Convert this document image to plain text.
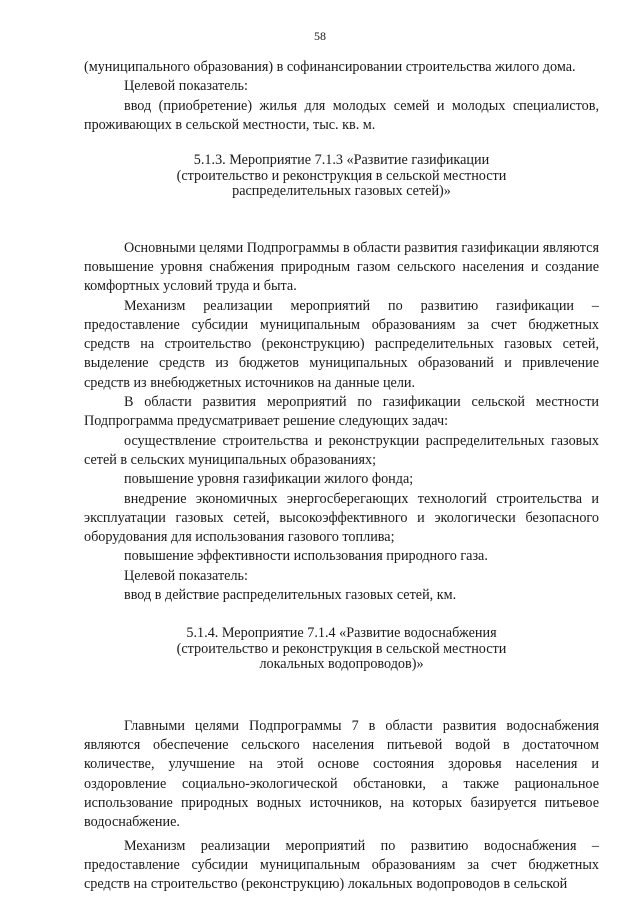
58

(муниципального образования) в софинансировании строительства жилого дома.

Целевой показатель:

ввод (приобретение) жилья для молодых семей и молодых специалистов, проживающих в сельской местности, тыс. кв. м.

5.1.3. Мероприятие 7.1.3 «Развитие газификации
(строительство и реконструкция в сельской местности
распределительных газовых сетей)»

Основными целями Подпрограммы в области развития газификации являются повышение уровня снабжения природным газом сельского населения и создание комфортных условий труда и быта.

Механизм реализации мероприятий по развитию газификации – предоставление субсидии муниципальным образованиям за счет бюджетных средств на строительство (реконструкцию) распределительных газовых сетей, выделение средств из бюджетов муниципальных образований и привлечение средств из внебюджетных источников на данные цели.

В области развития мероприятий по газификации сельской местности Подпрограмма предусматривает решение следующих задач:

осуществление строительства и реконструкции распределительных газовых сетей в сельских муниципальных образованиях;

повышение уровня газификации жилого фонда;

внедрение экономичных энергосберегающих технологий строительства и эксплуатации газовых сетей, высокоэффективного и экологически безопасного оборудования для использования газового топлива;

повышение эффективности использования природного газа.

Целевой показатель:

ввод в действие распределительных газовых сетей, км.

5.1.4. Мероприятие 7.1.4 «Развитие водоснабжения
(строительство и реконструкция в сельской местности
локальных водопроводов)»

Главными целями Подпрограммы 7 в области развития водоснабжения являются обеспечение сельского населения питьевой водой в достаточном количестве, улучшение на этой основе состояния здоровья населения и оздоровление социально-экологической обстановки, а также рациональное использование природных водных источников, на которых базируется питьевое водоснабжение.

Механизм реализации мероприятий по развитию водоснабжения – предоставление субсидии муниципальным образованиям за счет бюджетных средств на строительство (реконструкцию) локальных водопроводов в сельской
